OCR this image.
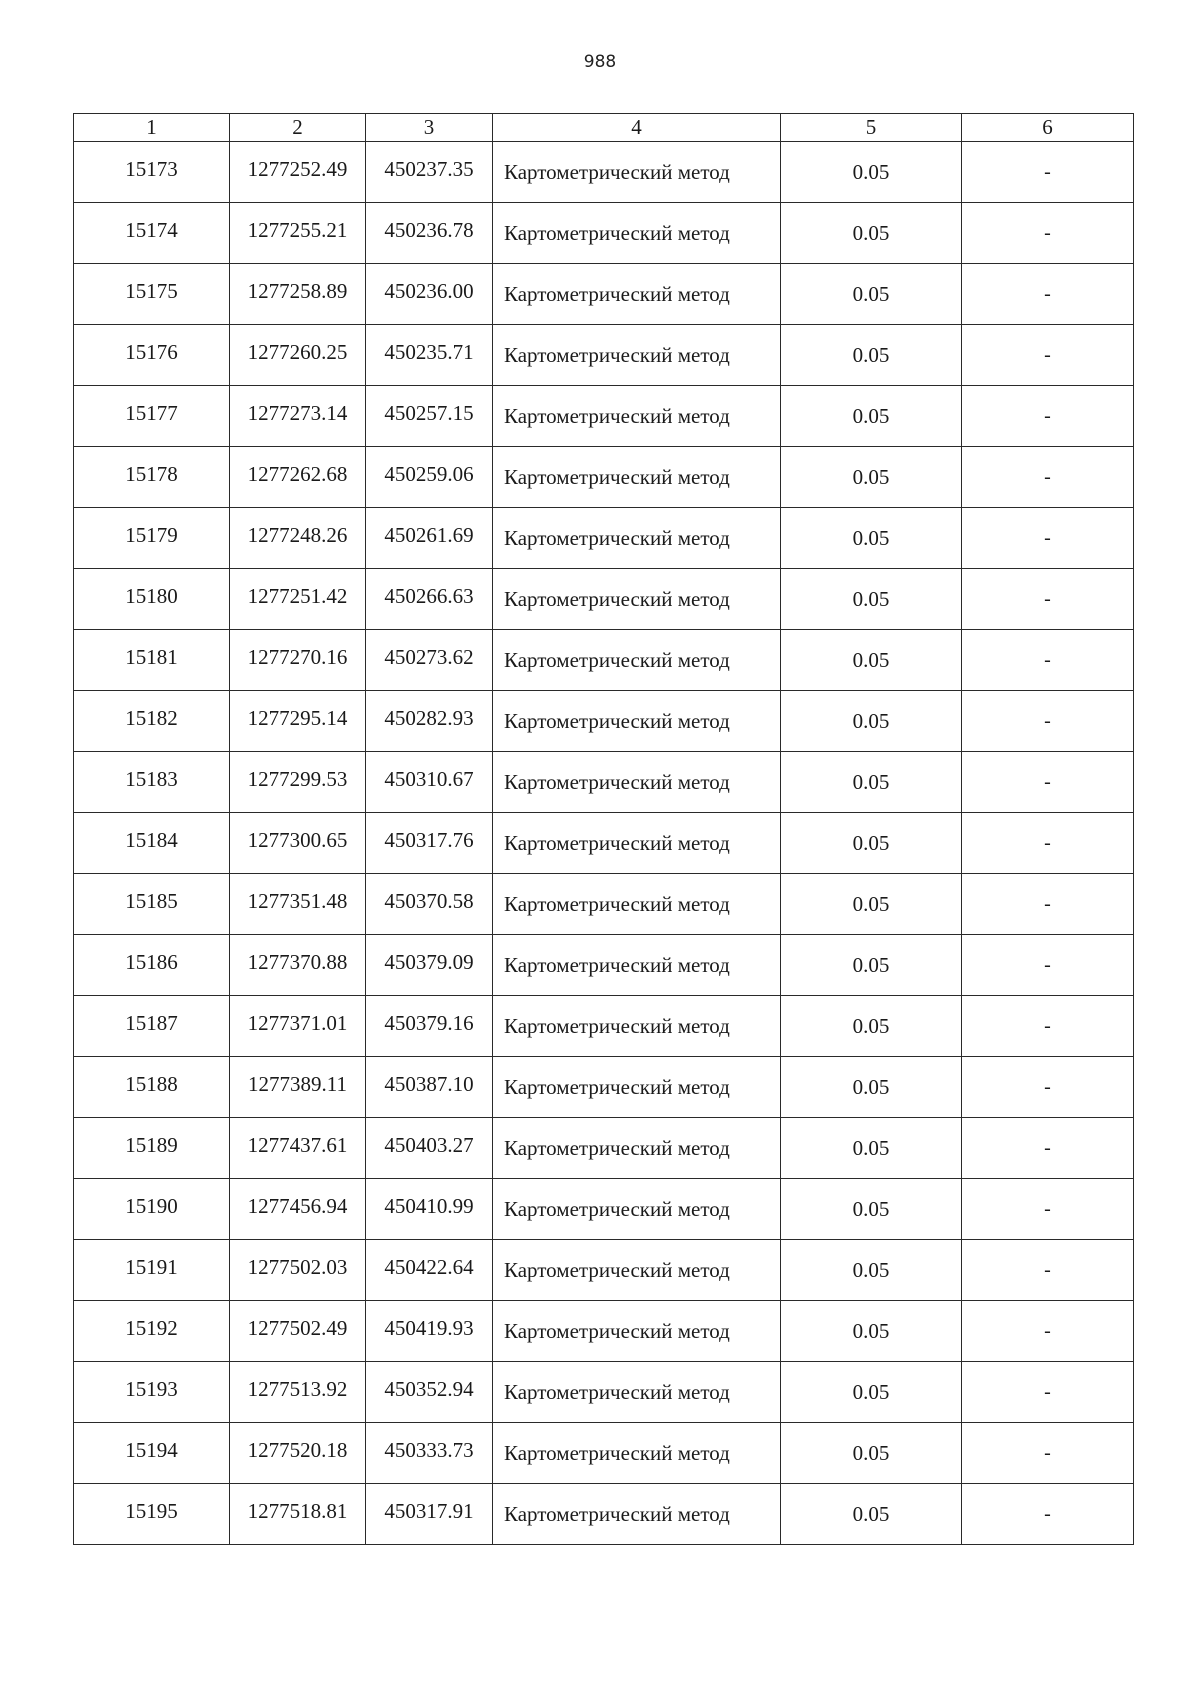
988
1	2	3	4	5	6
15173	1277252.49	450237.35	Картометрический метод	0.05	-
15174	1277255.21	450236.78	Картометрический метод	0.05	-
15175	1277258.89	450236.00	Картометрический метод	0.05	-
15176	1277260.25	450235.71	Картометрический метод	0.05	-
15177	1277273.14	450257.15	Картометрический метод	0.05	-
15178	1277262.68	450259.06	Картометрический метод	0.05	-
15179	1277248.26	450261.69	Картометрический метод	0.05	-
15180	1277251.42	450266.63	Картометрический метод	0.05	-
15181	1277270.16	450273.62	Картометрический метод	0.05	-
15182	1277295.14	450282.93	Картометрический метод	0.05	-
15183	1277299.53	450310.67	Картометрический метод	0.05	-
15184	1277300.65	450317.76	Картометрический метод	0.05	-
15185	1277351.48	450370.58	Картометрический метод	0.05	-
15186	1277370.88	450379.09	Картометрический метод	0.05	-
15187	1277371.01	450379.16	Картометрический метод	0.05	-
15188	1277389.11	450387.10	Картометрический метод	0.05	-
15189	1277437.61	450403.27	Картометрический метод	0.05	-
15190	1277456.94	450410.99	Картометрический метод	0.05	-
15191	1277502.03	450422.64	Картометрический метод	0.05	-
15192	1277502.49	450419.93	Картометрический метод	0.05	-
15193	1277513.92	450352.94	Картометрический метод	0.05	-
15194	1277520.18	450333.73	Картометрический метод	0.05	-
15195	1277518.81	450317.91	Картометрический метод	0.05	-
